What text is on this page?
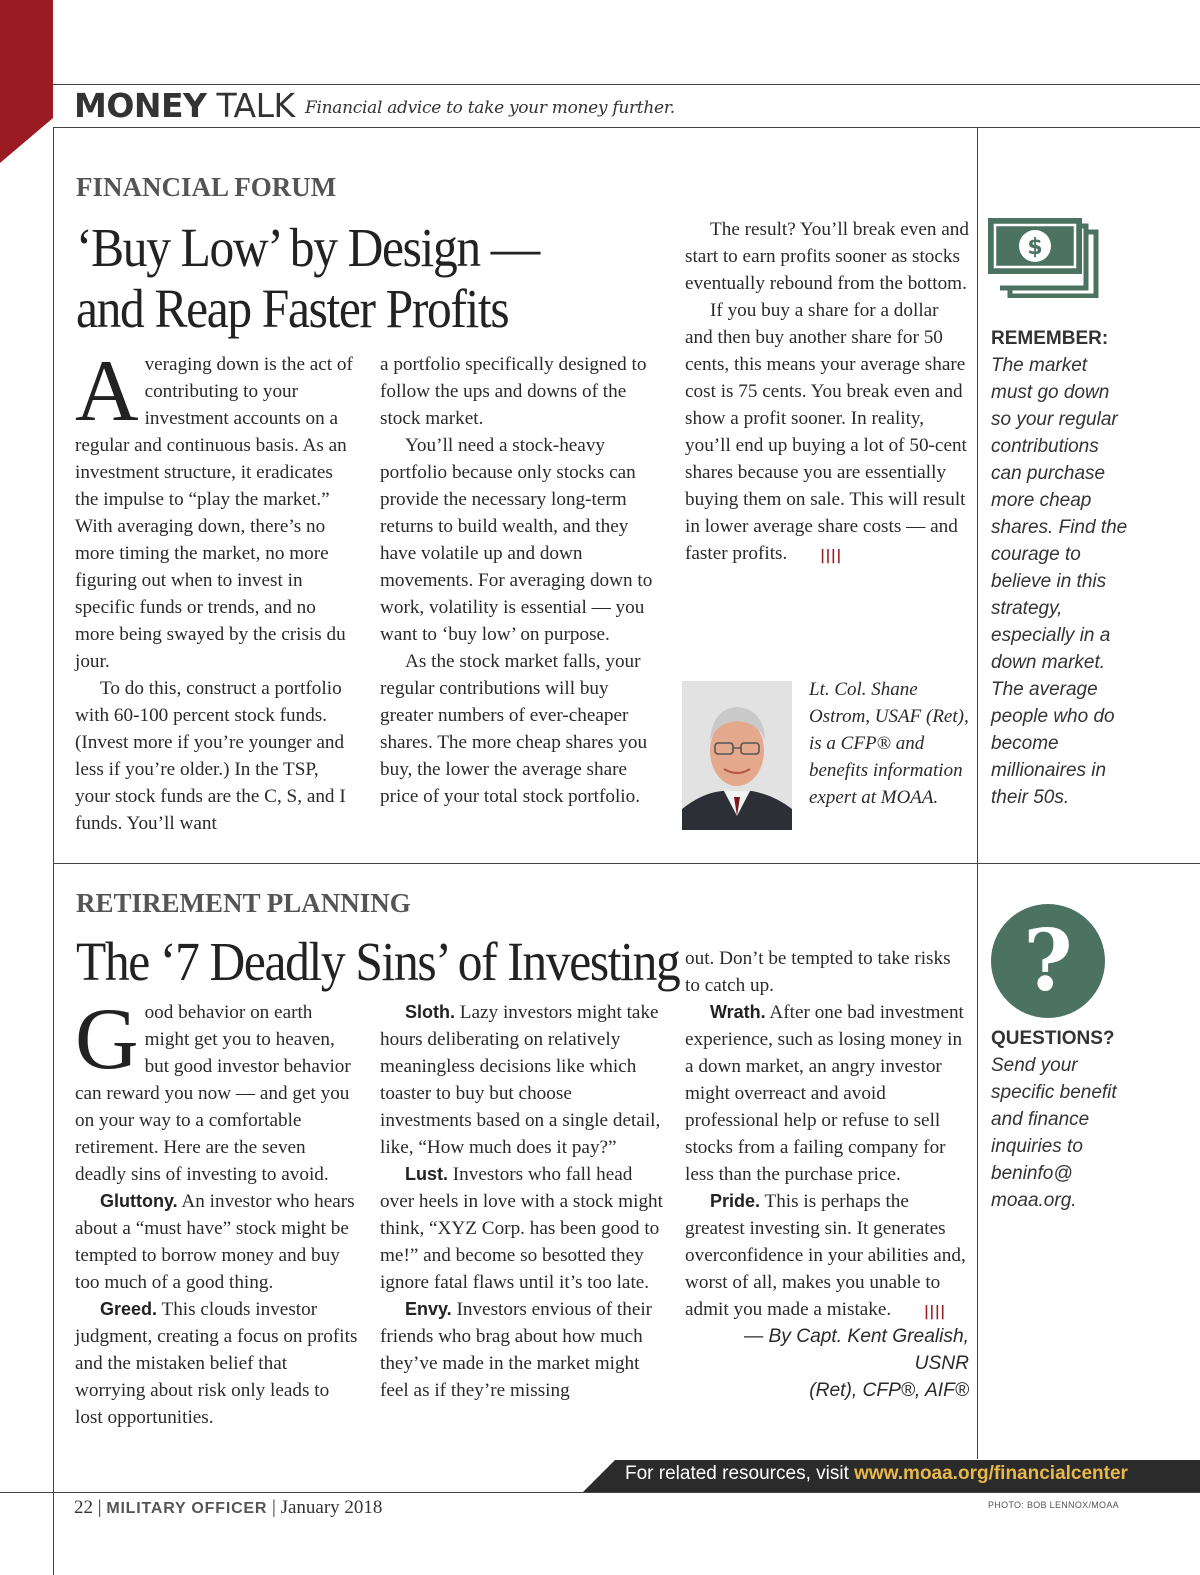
MONEY TALK Financial advice to take your money further.
FINANCIAL FORUM
‘Buy Low’ by Design —
and Reap Faster Profits

Averaging down is the act of contributing to your investment accounts on a regular and continuous basis. As an investment structure, it eradicates the impulse to “play the market.” With averaging down, there’s no more timing the market, no more figuring out when to invest in specific funds or trends, and no more being swayed by the crisis du jour.

To do this, construct a portfolio with 60-100 percent stock funds. (Invest more if you’re younger and less if you’re older.) In the TSP, your stock funds are the C, S, and I funds. You’ll want

a portfolio specifically designed to follow the ups and downs of the stock market.

You’ll need a stock-heavy portfolio because only stocks can provide the necessary long-term returns to build wealth, and they have volatile up and down movements. For averaging down to work, volatility is essential — you want to ‘buy low’ on purpose.

As the stock market falls, your regular contributions will buy greater numbers of ever-cheaper shares. The more cheap shares you buy, the lower the average share price of your total stock portfolio.

The result? You’ll break even and start to earn profits sooner as stocks eventually rebound from the bottom.

If you buy a share for a dollar and then buy another share for 50 cents, this means your average share cost is 75 cents. You break even and show a profit sooner. In reality, you’ll end up buying a lot of 50-cent shares because you are essentially buying them on sale. This will result in lower average share costs — and faster profits. ||||

Lt. Col. Shane Ostrom, USAF (Ret), is a CFP® and benefits information expert at MOAA.
$
REMEMBER:
The market must go down so your regular contributions can purchase more cheap shares. Find the courage to believe in this strategy, especially in a down market. The average people who do become millionaires in their 50s.
RETIREMENT PLANNING
The ‘7 Deadly Sins’ of Investing

Good behavior on earth might get you to heaven, but good investor behavior can reward you now — and get you on your way to a comfortable retirement. Here are the seven deadly sins of investing to avoid.

Gluttony. An investor who hears about a “must have” stock might be tempted to borrow money and buy too much of a good thing.

Greed. This clouds investor judgment, creating a focus on profits and the mistaken belief that worrying about risk only leads to lost opportunities.

Sloth. Lazy investors might take hours deliberating on relatively meaningless decisions like which toaster to buy but choose investments based on a single detail, like, “How much does it pay?”

Lust. Investors who fall head over heels in love with a stock might think, “XYZ Corp. has been good to me!” and become so besotted they ignore fatal flaws until it’s too late.

Envy. Investors envious of their friends who brag about how much they’ve made in the market might feel as if they’re missing

out. Don’t be tempted to take risks to catch up.

Wrath. After one bad investment experience, such as losing money in a down market, an angry investor might overreact and avoid professional help or refuse to sell stocks from a failing company for less than the purchase price.

Pride. This is perhaps the greatest investing sin. It generates overconfidence in your abilities and, worst of all, makes you unable to admit you made a mistake. ||||

— By Capt. Kent Grealish, USNR
(Ret), CFP®, AIF®
?
QUESTIONS?
Send your specific benefit and finance inquiries to beninfo@ moaa.org.
For related resources, visit www.moaa.org/financialcenter
22 | MILITARY OFFICER | January 2018	PHOTO: BOB LENNOX/MOAA
